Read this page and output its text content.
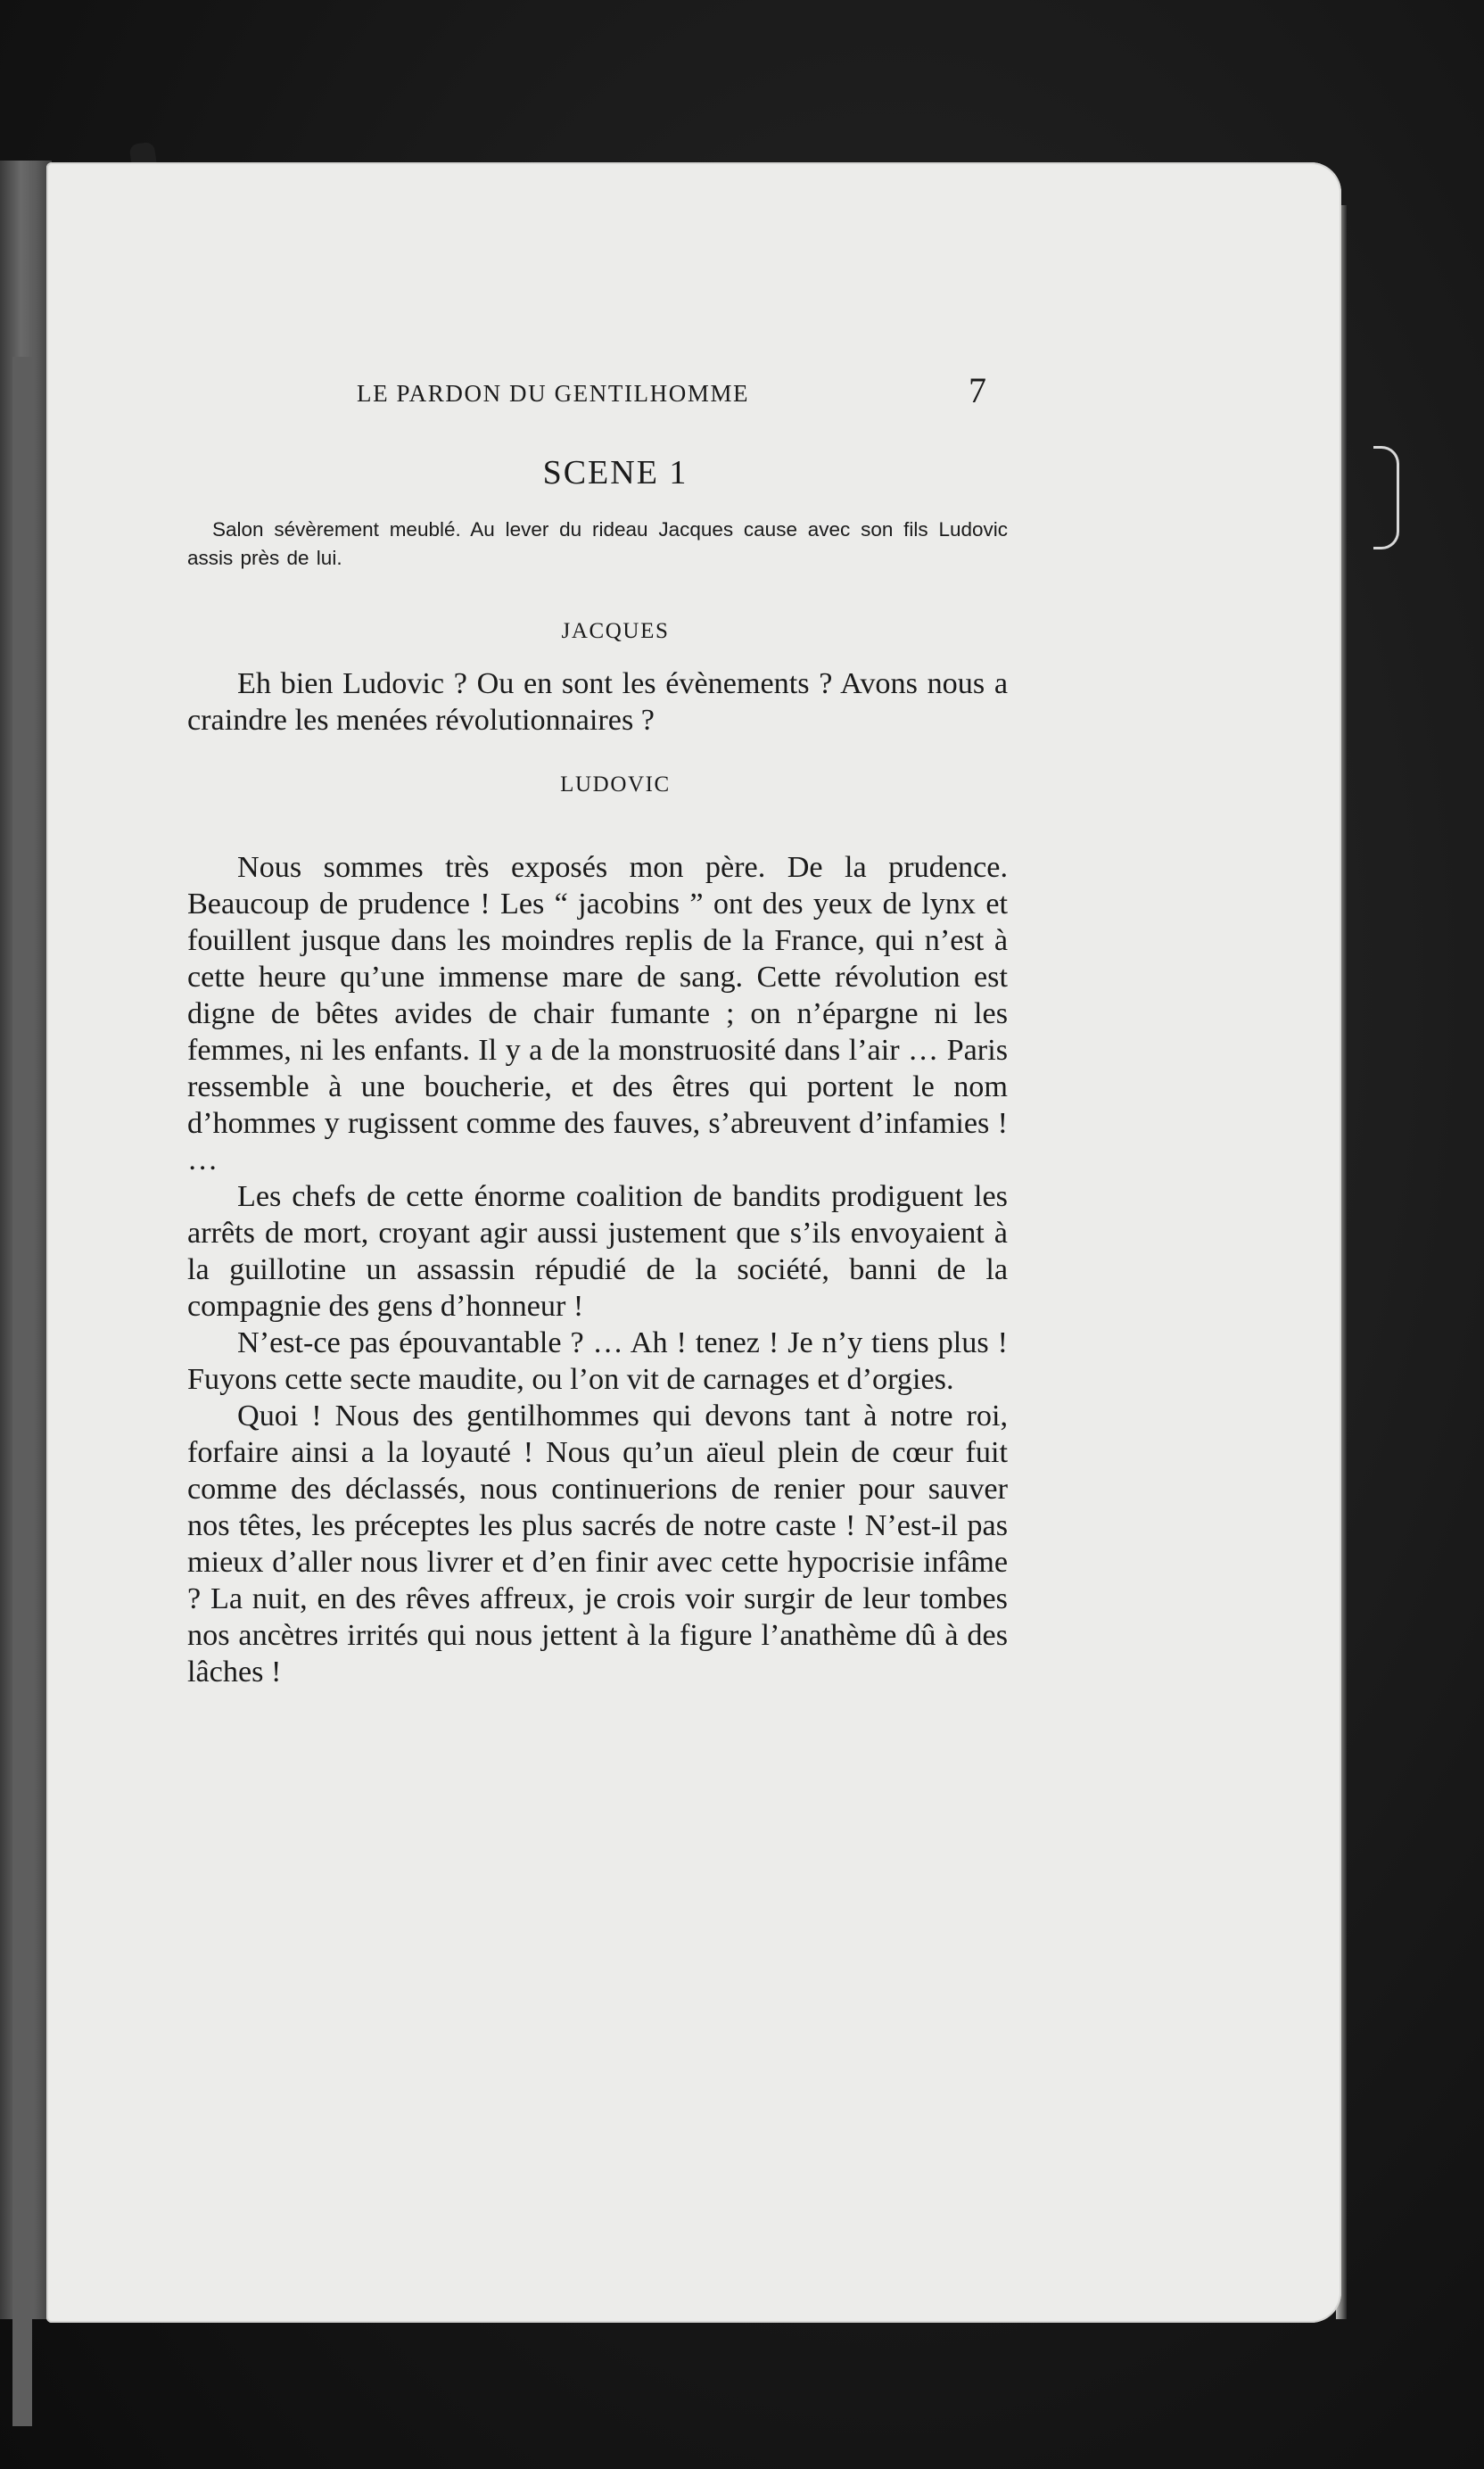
LE PARDON DU GENTILHOMME	7
SCENE 1
Salon sévèrement meublé. Au lever du rideau Jacques cause avec son fils Ludovic assis près de lui.
JACQUES

Eh bien Ludovic ? Ou en sont les évènements ? Avons nous a craindre les menées révolutionnaires ?

LUDOVIC

Nous sommes très exposés mon père. De la prudence. Beaucoup de prudence ! Les “ jacobins ” ont des yeux de lynx et fouillent jusque dans les moindres replis de la France, qui n’est à cette heure qu’une immense mare de sang. Cette révolution est digne de bêtes avides de chair fumante ; on n’épargne ni les femmes, ni les enfants. Il y a de la monstruosité dans l’air … Paris ressemble à une boucherie, et des êtres qui portent le nom d’hommes y rugissent comme des fauves, s’abreuvent d’infamies ! …

Les chefs de cette énorme coalition de bandits prodiguent les arrêts de mort, croyant agir aussi justement que s’ils envoyaient à la guillotine un assassin répudié de la société, banni de la compagnie des gens d’honneur !

N’est-ce pas épouvantable ? … Ah ! tenez ! Je n’y tiens plus ! Fuyons cette secte maudite, ou l’on vit de carnages et d’orgies.

Quoi ! Nous des gentilhommes qui devons tant à notre roi, forfaire ainsi a la loyauté ! Nous qu’un aïeul plein de cœur fuit comme des déclassés, nous continuerions de renier pour sauver nos têtes, les préceptes les plus sacrés de notre caste ! N’est-il pas mieux d’aller nous livrer et d’en finir avec cette hypocrisie infâme ? La nuit, en des rêves affreux, je crois voir surgir de leur tombes nos ancètres irrités qui nous jettent à la figure l’anathème dû à des lâches !
